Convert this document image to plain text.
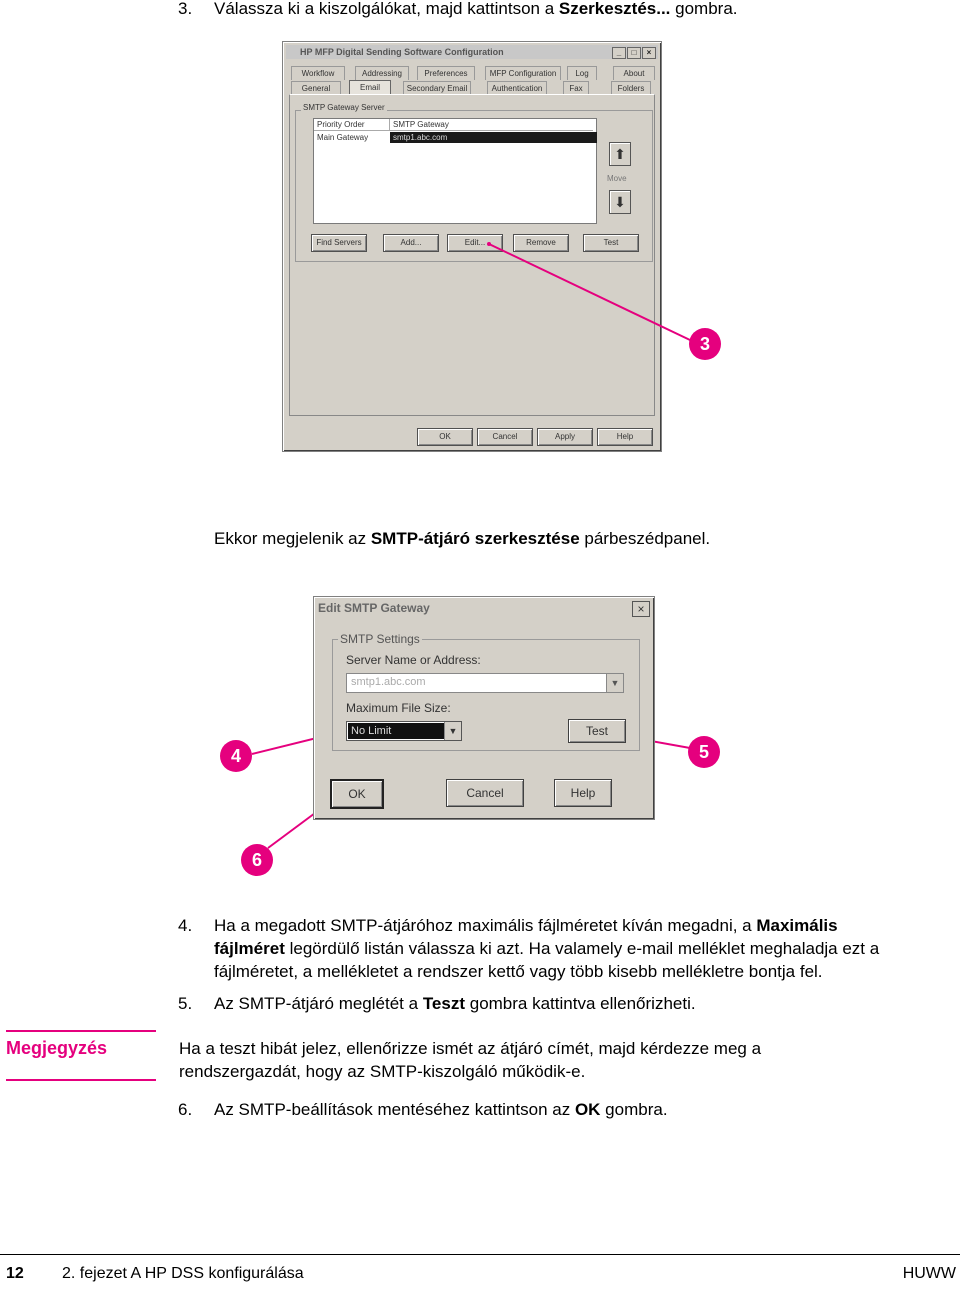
3. Válassza ki a kiszolgálókat, majd kattintson a Szerkesztés... gombra.
HP MFP Digital Sending Software Configuration	_	□	×
Workflow	Addressing	Preferences	MFP Configuration	Log	About
General	Email	Secondary Email	Authentication	Fax	Folders
SMTP Gateway Server
Priority Order	SMTP Gateway
Main Gateway	smtp1.abc.com
⬆
Move
⬇
Find Servers	Add...	Edit...	Remove	Test
OK	Cancel	Apply	Help
3
Ekkor megjelenik az SMTP-átjáró szerkesztése párbeszédpanel.
Edit SMTP Gateway	×
SMTP Settings
Server Name or Address:
smtp1.abc.com	▼
Maximum File Size:
No Limit	▼	Test
OK	Cancel	Help
4	5
6
4. Ha a megadott SMTP-átjáróhoz maximális fájlméretet kíván megadni, a Maximális
fájlméret legördülő listán válassza ki azt. Ha valamely e-mail melléklet meghaladja ezt a
fájlméretet, a mellékletet a rendszer kettő vagy több kisebb mellékletre bontja fel.
5. Az SMTP-átjáró meglétét a Teszt gombra kattintva ellenőrizheti.
Megjegyzés	Ha a teszt hibát jelez, ellenőrizze ismét az átjáró címét, majd kérdezze meg a
rendszergazdát, hogy az SMTP-kiszolgáló működik-e.
6. Az SMTP-beállítások mentéséhez kattintson az OK gombra.
12 2. fejezet A HP DSS konfigurálása	HUWW
